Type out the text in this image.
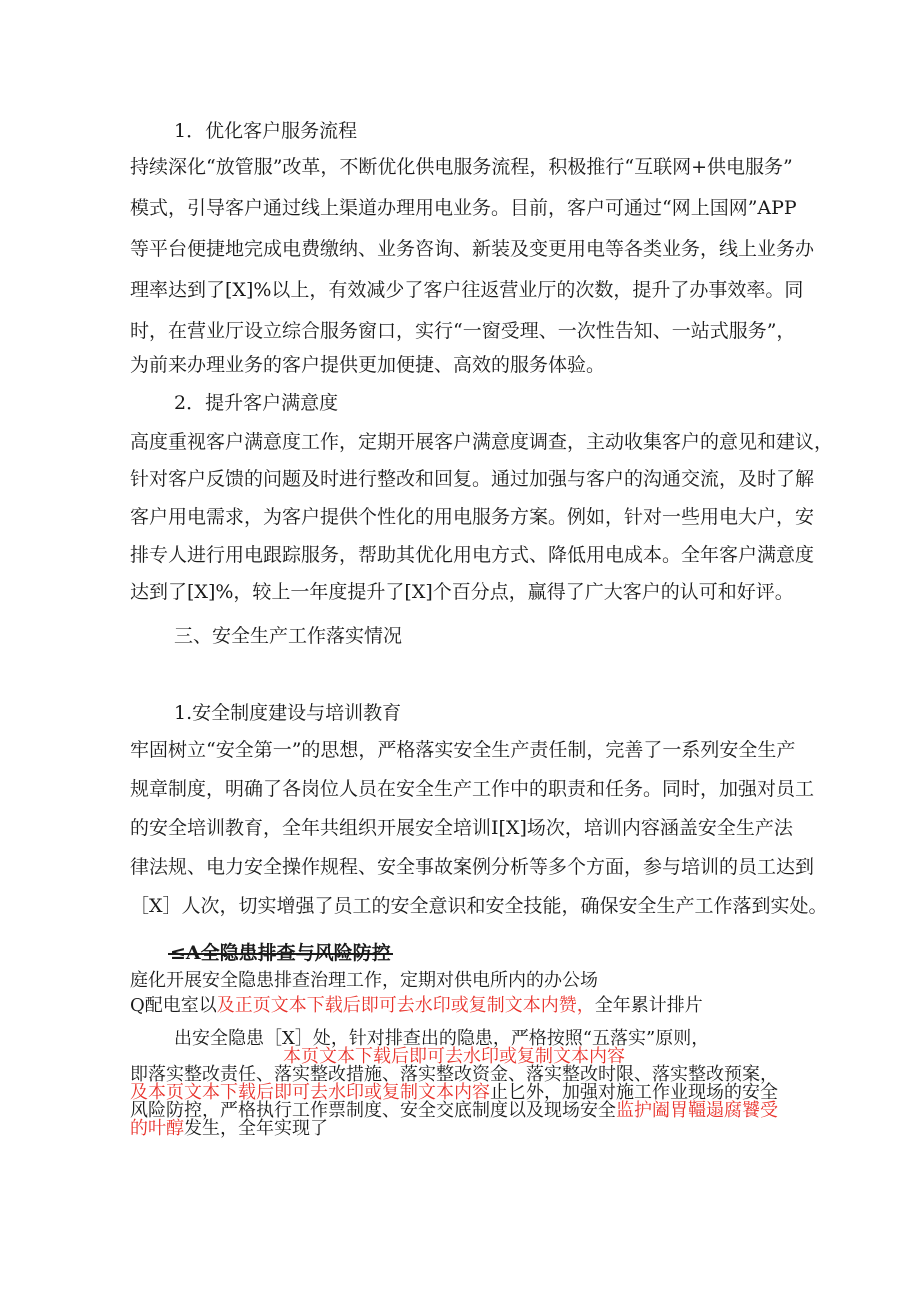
1．优化客户服务流程
持续深化“放管服”改革，不断优化供电服务流程，积极推行“互联网+供电服务”
模式，引导客户通过线上渠道办理用电业务。目前，客户可通过“网上国网”APP
等平台便捷地完成电费缴纳、业务咨询、新装及变更用电等各类业务，线上业务办
理率达到了[X]%以上，有效减少了客户往返营业厅的次数，提升了办事效率。同
时，在营业厅设立综合服务窗口，实行“一窗受理、一次性告知、一站式服务”，
为前来办理业务的客户提供更加便捷、高效的服务体验。
2．提升客户满意度
高度重视客户满意度工作，定期开展客户满意度调查，主动收集客户的意见和建议，
针对客户反馈的问题及时进行整改和回复。通过加强与客户的沟通交流，及时了解
客户用电需求，为客户提供个性化的用电服务方案。例如，针对一些用电大户，安
排专人进行用电跟踪服务，帮助其优化用电方式、降低用电成本。全年客户满意度
达到了[X]%，较上一年度提升了[X]个百分点，赢得了广大客户的认可和好评。
三、安全生产工作落实情况
1.安全制度建设与培训教育
牢固树立“安全第一”的思想，严格落实安全生产责任制，完善了一系列安全生产
规章制度，明确了各岗位人员在安全生产工作中的职责和任务。同时，加强对员工
的安全培训教育，全年共组织开展安全培训I[X]场次，培训内容涵盖安全生产法
律法规、电力安全操作规程、安全事故案例分析等多个方面，参与培训的员工达到
［X］人次，切实增强了员工的安全意识和安全技能，确保安全生产工作落到实处。
≤A全隐患排查与风险防控
庭化开展安全隐患排查治理工作，定期对供电所内的办公场
Q配电室以及正页文本下载后即可去水印或复制文本内赞，全年累计排片
出安全隐患［X］处，针对排查出的隐患，严格按照“五落实”原则，
本页文本下载后即可去水印或复制文本内容
即落实整改责任、落实整改措施、落实整改资金、落实整改时限、落实整改预案，
及本页文本下载后即可去水印或复制文本内容止匕外，加强对施工作业现场的安全
风险防控，严格执行工作票制度、安全交底制度以及现场安全监护阖胃韁遢腐饕受
的叶醇发生，全年实现了
